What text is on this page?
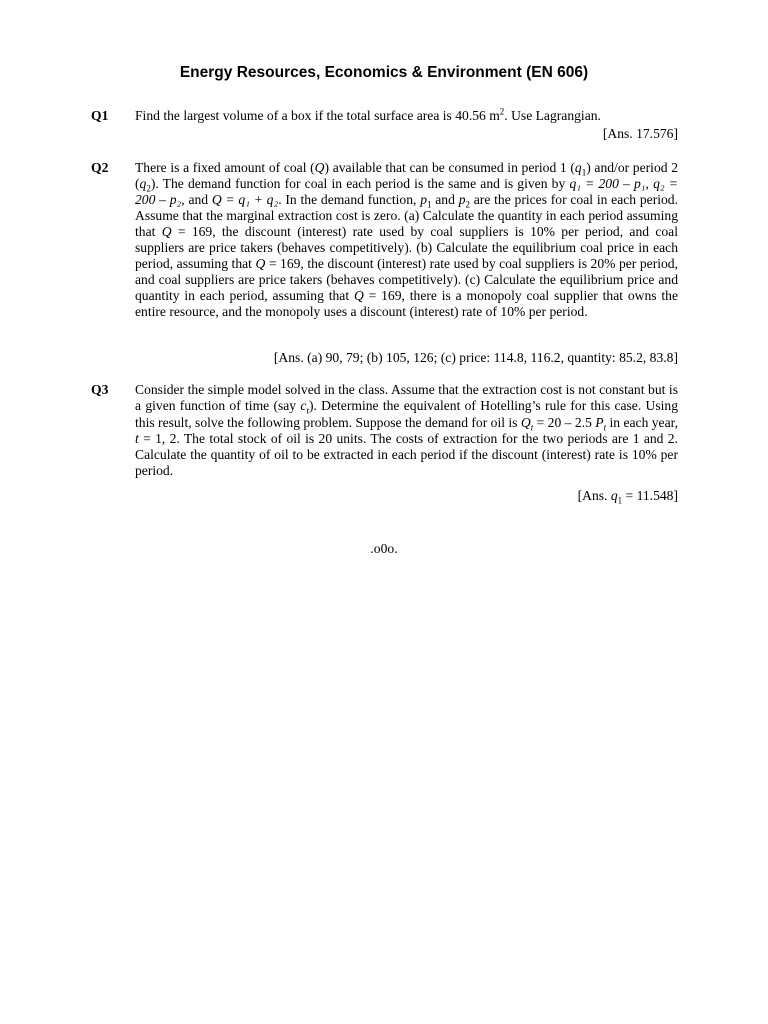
Energy Resources, Economics & Environment (EN 606)
Q1 Find the largest volume of a box if the total surface area is 40.56 $m^2$. Use Lagrangian.
[Ans. 17.576]
Q2 There is a fixed amount of coal (Q) available that can be consumed in period 1 $(q_1)$ and/or period 2 $(q_2)$. The demand function for coal in each period is the same and is given by q₁ = 200 – p₁, q₂ = 200 – p₂, and Q = q₁ + q₂. In the demand function, $p_1$ and $p_2$ are the prices for coal in each period. Assume that the marginal extraction cost is zero. (a) Calculate the quantity in each period assuming that Q = 169, the discount (interest) rate used by coal suppliers is 10% per period, and coal suppliers are price takers (behaves competitively). (b) Calculate the equilibrium coal price in each period, assuming that Q = 169, the discount (interest) rate used by coal suppliers is 20% per period, and coal suppliers are price takers (behaves competitively). (c) Calculate the equilibrium price and quantity in each period, assuming that Q = 169, there is a monopoly coal supplier that owns the entire resource, and the monopoly uses a discount (interest) rate of 10% per period.
[Ans. (a) 90, 79; (b) 105, 126; (c) price: 114.8, 116.2, quantity: 85.2, 83.8]
Q3 Consider the simple model solved in the class. Assume that the extraction cost is not constant but is a given function of time (say $c_t$). Determine the equivalent of Hotelling’s rule for this case. Using this result, solve the following problem. Suppose the demand for oil is $Q_t = 20 - 2.5$ $P_t$ in each year, t = 1, 2. The total stock of oil is 20 units. The costs of extraction for the two periods are 1 and 2. Calculate the quantity of oil to be extracted in each period if the discount (interest) rate is 10% per period.
[Ans. $q_1 = 11.548$]
.o0o.
